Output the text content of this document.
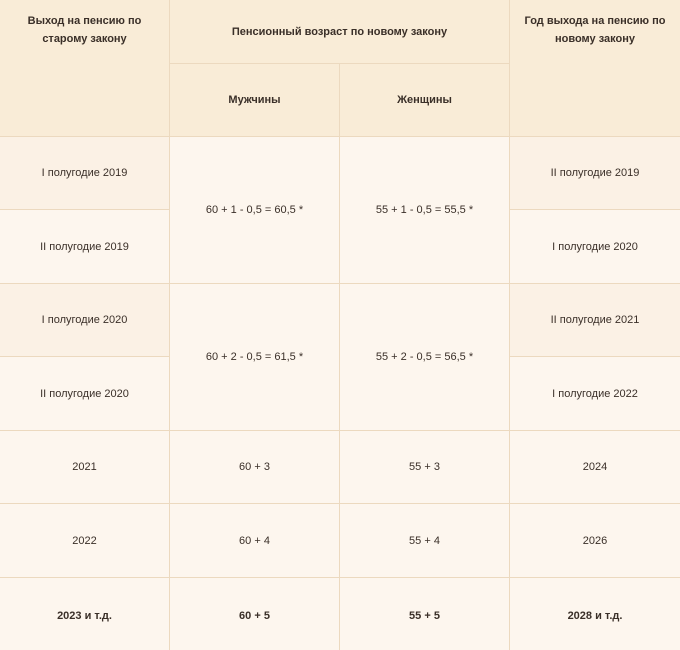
Выход на пенсию по старому закону	Пенсионный возраст по новому закону		Год выхода на пенсию по новому закону
	Мужчины	Женщины	
I полугодие 2019	60 + 1 - 0,5 = 60,5 *	55 + 1 - 0,5 = 55,5 *	II полугодие 2019
II полугодие 2019			I полугодие 2020
I полугодие 2020	60 + 2 - 0,5 = 61,5 *	55 + 2 - 0,5 = 56,5 *	II полугодие 2021
II полугодие 2020			I полугодие 2022
2021	60 + 3	55 + 3	2024
2022	60 + 4	55 + 4	2026
2023 и т.д.	60 + 5	55 + 5	2028 и т.д.
